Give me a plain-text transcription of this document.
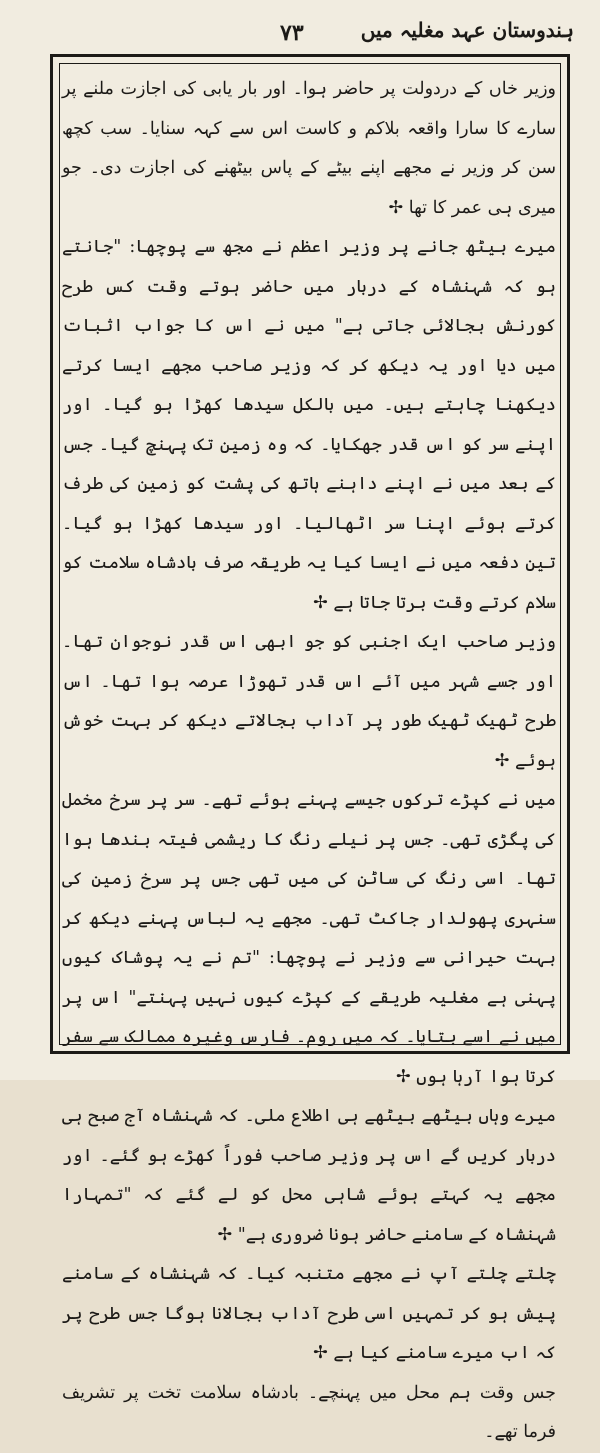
۷۳	ہندوستان عہد مغلیہ میں

وزیر خاں کے دردولت پر حاضر ہوا۔ اور بار یابی کی اجازت ملنے پر سارے کا سارا واقعہ بلاکم و کاست اس سے کہہ سنایا۔ سب کچھ سن کر وزیر نے مجھے اپنے بیٹے کے پاس بیٹھنے کی اجازت دی۔ جو میری ہی عمر کا تھا ✢

میرے بیٹھ جانے پر وزیر اعظم نے مجھ سے پوچھا: "جانتے ہو کہ شہنشاہ کے دربار میں حاضر ہوتے وقت کس طرح کورنش بجالائی جاتی ہے" میں نے اس کا جواب اثبات میں دیا اور یہ دیکھ کر کہ وزیر صاحب مجھے ایسا کرتے دیکھنا چاہتے ہیں۔ میں بالکل سیدھا کھڑا ہو گیا۔ اور اپنے سر کو اس قدر جھکایا۔ کہ وہ زمین تک پہنچ گیا۔ جس کے بعد میں نے اپنے داہنے ہاتھ کی پشت کو زمین کی طرف کرتے ہوئے اپنا سر اٹھالیا۔ اور سیدھا کھڑا ہو گیا۔ تین دفعہ میں نے ایسا کیا یہ طریقہ صرف بادشاہ سلامت کو سلام کرتے وقت برتا جاتا ہے ✢

وزیر صاحب ایک اجنبی کو جو ابھی اس قدر نوجوان تھا۔ اور جسے شہر میں آئے اس قدر تھوڑا عرصہ ہوا تھا۔ اس طرح ٹھیک ٹھیک طور پر آداب بجالاتے دیکھ کر بہت خوش ہوئے ✢

میں نے کپڑے ترکوں جیسے پہنے ہوئے تھے۔ سر پر سرخ مخمل کی پگڑی تھی۔ جس پر نیلے رنگ کا ریشمی فیتہ بندھا ہوا تھا۔ اسی رنگ کی ساٹن کی میں تھی جس پر سرخ زمین کی سنہری پھولدار جاکٹ تھی۔ مجھے یہ لباس پہنے دیکھ کر بہت حیرانی سے وزیر نے پوچھا: "تم نے یہ پوشاک کیوں پہنی ہے مغلیہ طریقے کے کپڑے کیوں نہیں پہنتے" اس پر میں نے اسے بتایا۔ کہ میں روم۔ فارس وغیرہ ممالک سے سفر کرتا ہوا آرہا ہوں ✢

میرے وہاں بیٹھے بیٹھے ہی اطلاع ملی۔ کہ شہنشاہ آج صبح ہی دربار کریں گے اس پر وزیر صاحب فوراً کھڑے ہو گئے۔ اور مجھے یہ کہتے ہوئے شاہی محل کو لے گئے کہ "تمہارا شہنشاہ کے سامنے حاضر ہونا ضروری ہے" ✢

چلتے چلتے آپ نے مجھے متنبہ کیا۔ کہ شہنشاہ کے سامنے پیش ہو کر تمہیں اسی طرح آداب بجالانا ہوگا جس طرح پر کہ اب میرے سامنے کیا ہے ✢

جس وقت ہم محل میں پہنچے۔ بادشاہ سلامت تخت پر تشریف فرما تھے۔
